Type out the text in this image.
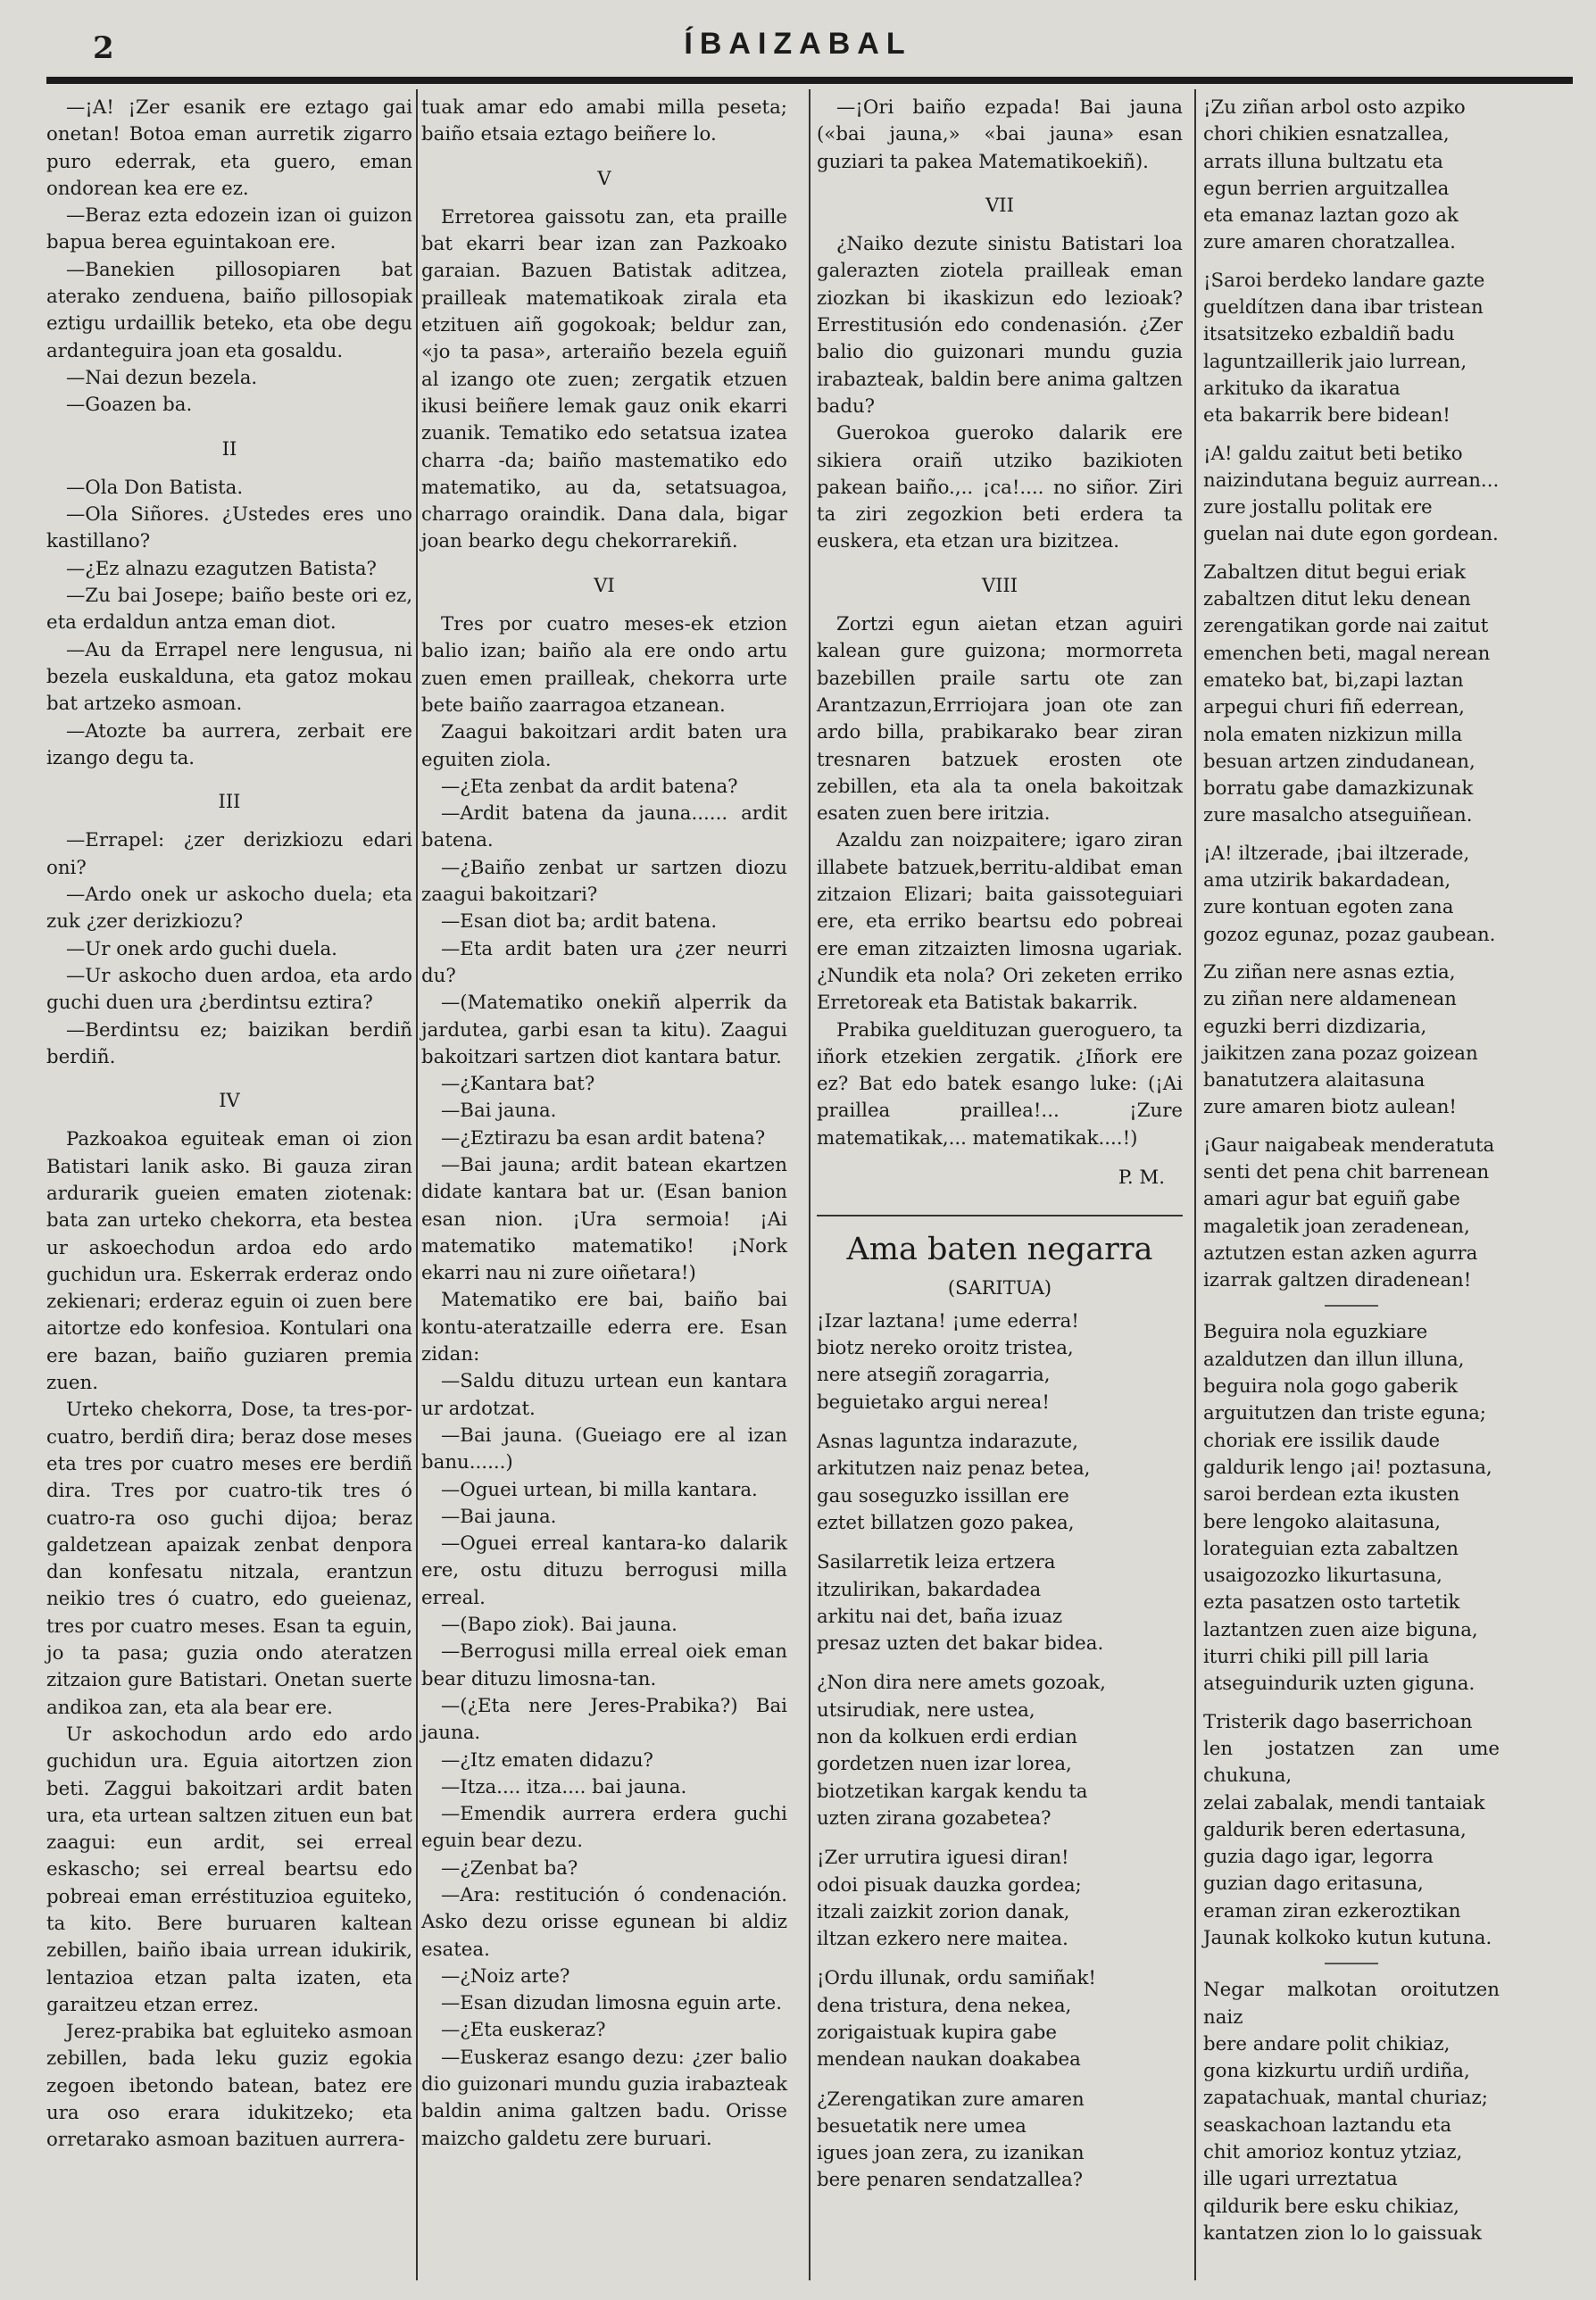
2	ÍBAIZABAL

—¡A! ¡Zer esanik ere eztago gai onetan! Botoa eman aurretik zigarro puro ederrak, eta guero, eman ondorean kea ere ez.

—Beraz ezta edozein izan oi guizon bapua berea eguintakoan ere.

—Banekien pillosopiaren bat aterako zenduena, baiño pillosopiak eztigu urdaillik beteko, eta obe degu ardanteguira joan eta gosaldu.

—Nai dezun bezela.

—Goazen ba.

II

—Ola Don Batista.

—Ola Siñores. ¿Ustedes eres uno kastillano?

—¿Ez alnazu ezagutzen Batista?

—Zu bai Josepe; baiño beste ori ez, eta erdaldun antza eman diot.

—Au da Errapel nere lengusua, ni bezela euskalduna, eta gatoz mokau bat artzeko asmoan.

—Atozte ba aurrera, zerbait ere izango degu ta.

III

—Errapel: ¿zer derizkiozu edari oni?

—Ardo onek ur askocho duela; eta zuk ¿zer derizkiozu?

—Ur onek ardo guchi duela.

—Ur askocho duen ardoa, eta ardo guchi duen ura ¿berdintsu eztira?

—Berdintsu ez; baizikan berdiñ berdiñ.

IV

Pazkoakoa eguiteak eman oi zion Batistari lanik asko. Bi gauza ziran ardurarik gueien ematen ziotenak: bata zan urteko chekorra, eta bestea ur askoechodun ardoa edo ardo guchidun ura. Eskerrak erderaz ondo zekienari; erderaz eguin oi zuen bere aitortze edo konfesioa. Kontulari ona ere bazan, baiño guziaren premia zuen.

Urteko chekorra, Dose, ta tres-por-cuatro, berdiñ dira; beraz dose meses eta tres por cuatro meses ere berdiñ dira. Tres por cuatro-tik tres ó cuatro-ra oso guchi dijoa; beraz galdetzean apaizak zenbat denpora dan konfesatu nitzala, erantzun neikio tres ó cuatro, edo gueienaz, tres por cuatro meses. Esan ta eguin, jo ta pasa; guzia ondo ateratzen zitzaion gure Batistari. Onetan suerte andikoa zan, eta ala bear ere.

Ur askochodun ardo edo ardo guchidun ura. Eguia aitortzen zion beti. Zaggui bakoitzari ardit baten ura, eta urtean saltzen zituen eun bat zaagui: eun ardit, sei erreal eskascho; sei erreal beartsu edo pobreai eman erréstituzioa eguiteko, ta kito. Bere buruaren kaltean zebillen, baiño ibaia urrean idukirik, lentazioa etzan palta izaten, eta garaitzeu etzan errez.

Jerez-prabika bat egluiteko asmoan zebillen, bada leku guziz egokia zegoen ibetondo batean, batez ere ura oso erara idukitzeko; eta orretarako asmoan bazituen aurrera-

tuak amar edo amabi milla peseta; baiño etsaia eztago beiñere lo.

V

Erretorea gaissotu zan, eta praille bat ekarri bear izan zan Pazkoako garaian. Bazuen Batistak aditzea, prailleak matematikoak zirala eta etzituen aiñ gogokoak; beldur zan, «jo ta pasa», arteraiño bezela eguiñ al izango ote zuen; zergatik etzuen ikusi beiñere lemak gauz onik ekarri zuanik. Tematiko edo setatsua izatea charra -da; baiño mastematiko edo matematiko, au da, setatsuagoa, charrago oraindik. Dana dala, bigar joan bearko degu chekorrarekiñ.

VI

Tres por cuatro meses-ek etzion balio izan; baiño ala ere ondo artu zuen emen prailleak, chekorra urte bete baiño zaarragoa etzanean.

Zaagui bakoitzari ardit baten ura eguiten ziola.

—¿Eta zenbat da ardit batena?

—Ardit batena da jauna...... ardit batena.

—¿Baiño zenbat ur sartzen diozu zaagui bakoitzari?

—Esan diot ba; ardit batena.

—Eta ardit baten ura ¿zer neurri du?

—(Matematiko onekiñ alperrik da jardutea, garbi esan ta kitu). Zaagui bakoitzari sartzen diot kantara batur.

—¿Kantara bat?

—Bai jauna.

—¿Eztirazu ba esan ardit batena?

—Bai jauna; ardit batean ekartzen didate kantara bat ur. (Esan banion esan nion. ¡Ura sermoia! ¡Ai matematiko matematiko! ¡Nork ekarri nau ni zure oiñetara!)

Matematiko ere bai, baiño bai kontu-ateratzaille ederra ere. Esan zidan:

—Saldu dituzu urtean eun kantara ur ardotzat.

—Bai jauna. (Gueiago ere al izan banu......)

—Oguei urtean, bi milla kantara.

—Bai jauna.

—Oguei erreal kantara-ko dalarik ere, ostu dituzu berrogusi milla erreal.

—(Bapo ziok). Bai jauna.

—Berrogusi milla erreal oiek eman bear dituzu limosna-tan.

—(¿Eta nere Jeres-Prabika?) Bai jauna.

—¿Itz ematen didazu?

—Itza.... itza.... bai jauna.

—Emendik aurrera erdera guchi eguin bear dezu.

—¿Zenbat ba?

—Ara: restitución ó condenación. Asko dezu orisse egunean bi aldiz esatea.

—¿Noiz arte?

—Esan dizudan limosna eguin arte.

—¿Eta euskeraz?

—Euskeraz esango dezu: ¿zer balio dio guizonari mundu guzia irabazteak baldin anima galtzen badu. Orisse maizcho galdetu zere buruari.

—¡Ori baiño ezpada! Bai jauna («bai jauna,» «bai jauna» esan guziari ta pakea Matematikoekiñ).

VII

¿Naiko dezute sinistu Batistari loa galerazten ziotela prailleak eman ziozkan bi ikaskizun edo lezioak? Errestitusión edo condenasión. ¿Zer balio dio guizonari mundu guzia irabazteak, baldin bere anima galtzen badu?

Guerokoa gueroko dalarik ere sikiera oraiñ utziko bazikioten pakean baiño.,.. ¡ca!.... no siñor. Ziri ta ziri zegozkion beti erdera ta euskera, eta etzan ura bizitzea.

VIII

Zortzi egun aietan etzan aguiri kalean gure guizona; mormorreta bazebillen praile sartu ote zan Arantzazun,Errriojara joan ote zan ardo billa, prabikarako bear ziran tresnaren batzuek erosten ote zebillen, eta ala ta onela bakoitzak esaten zuen bere iritzia.

Azaldu zan noizpaitere; igaro ziran illabete batzuek,berritu-aldibat eman zitzaion Elizari; baita gaissoteguiari ere, eta erriko beartsu edo pobreai ere eman zitzaizten limosna ugariak. ¿Nundik eta nola? Ori zeketen erriko Erretoreak eta Batistak bakarrik.

Prabika gueldituzan gueroguero, ta iñork etzekien zergatik. ¿Iñork ere ez? Bat edo batek esango luke: (¡Ai praillea praillea!... ¡Zure matematikak,... matematikak....!)

P. M.
Ama baten negarra
(SARITUA)

¡Izar laztana! ¡ume ederra!

biotz nereko oroitz tristea,

nere atsegiñ zoragarria,

beguietako argui nerea!

Asnas laguntza indarazute,

arkitutzen naiz penaz betea,

gau soseguzko issillan ere

eztet billatzen gozo pakea,

Sasilarretik leiza ertzera

itzulirikan, bakardadea

arkitu nai det, baña izuaz

presaz uzten det bakar bidea.

¿Non dira nere amets gozoak,

utsirudiak, nere ustea,

non da kolkuen erdi erdian

gordetzen nuen izar lorea,

biotzetikan kargak kendu ta

uzten zirana gozabetea?

¡Zer urrutira iguesi diran!

odoi pisuak dauzka gordea;

itzali zaizkit zorion danak,

iltzan ezkero nere maitea.

¡Ordu illunak, ordu samiñak!

dena tristura, dena nekea,

zorigaistuak kupira gabe

mendean naukan doakabea

¿Zerengatikan zure amaren

besuetatik nere umea

igues joan zera, zu izanikan

bere penaren sendatzallea?

¡Zu ziñan arbol osto azpiko

chori chikien esnatzallea,

arrats illuna bultzatu eta

egun berrien arguitzallea

eta emanaz laztan gozo ak

zure amaren choratzallea.

¡Saroi berdeko landare gazte

gueldítzen dana ibar tristean

itsatsitzeko ezbaldiñ badu

laguntzaillerik jaio lurrean,

arkituko da ikaratua

eta bakarrik bere bidean!

¡A! galdu zaitut beti betiko

naizindutana beguiz aurrean...

zure jostallu politak ere

guelan nai dute egon gordean.

Zabaltzen ditut begui eriak

zabaltzen ditut leku denean

zerengatikan gorde nai zaitut

emenchen beti, magal nerean

emateko bat, bi,zapi laztan

arpegui churi fiñ ederrean,

nola ematen nizkizun milla

besuan artzen zindudanean,

borratu gabe damazkizunak

zure masalcho atseguiñean.

¡A! iltzerade, ¡bai iltzerade,

ama utzirik bakardadean,

zure kontuan egoten zana

gozoz egunaz, pozaz gaubean.

Zu ziñan nere asnas eztia,

zu ziñan nere aldamenean

eguzki berri dizdizaria,

jaikitzen zana pozaz goizean

banatutzera alaitasuna

zure amaren biotz aulean!

¡Gaur naigabeak menderatuta

senti det pena chit barrenean

amari agur bat eguiñ gabe

magaletik joan zeradenean,

aztutzen estan azken agurra

izarrak galtzen diradenean!

Beguira nola eguzkiare

azaldutzen dan illun illuna,

beguira nola gogo gaberik

arguitutzen dan triste eguna;

choriak ere issilik daude

galdurik lengo ¡ai! poztasuna,

saroi berdean ezta ikusten

bere lengoko alaitasuna,

lorateguian ezta zabaltzen

usaigozozko likurtasuna,

ezta pasatzen osto tartetik

laztantzen zuen aize biguna,

iturri chiki pill pill laria

atseguindurik uzten giguna.

Tristerik dago baserrichoan

len jostatzen zan ume chukuna,

zelai zabalak, mendi tantaiak

galdurik beren edertasuna,

guzia dago igar, legorra

guzian dago eritasuna,

eraman ziran ezkeroztikan

Jaunak kolkoko kutun kutuna.

Negar malkotan oroitutzen naiz

bere andare polit chikiaz,

gona kizkurtu urdiñ urdiña,

zapatachuak, mantal churiaz;

seaskachoan laztandu eta

chit amorioz kontuz ytziaz,

ille ugari urreztatua

qildurik bere esku chikiaz,

kantatzen zion lo lo gaissuak
